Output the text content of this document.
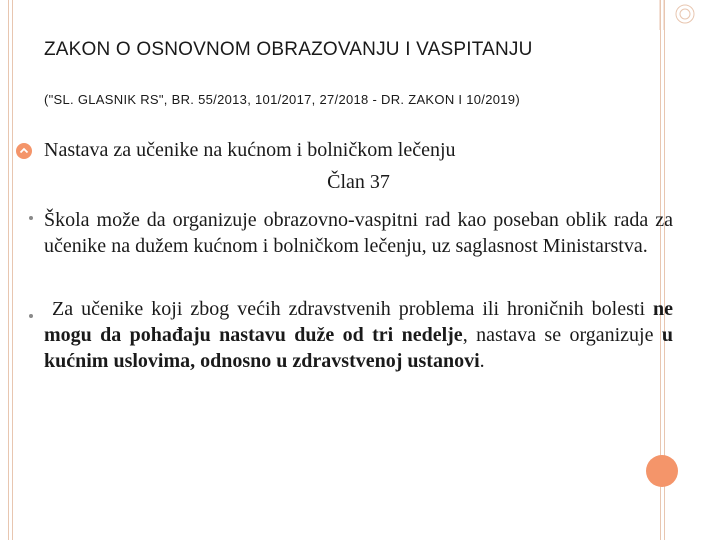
ZAKON O OSNOVNOM OBRAZOVANJU I VASPITANJU
("SL. GLASNIK RS", BR. 55/2013, 101/2017, 27/2018 - DR. ZAKON I 10/2019)
Nastava za učenike na kućnom i bolničkom lečenju
Član 37
Škola može da organizuje obrazovno-vaspitni rad kao poseban oblik rada za učenike na dužem kućnom i bolničkom lečenju, uz saglasnost Ministarstva.
Za učenike koji zbog većih zdravstvenih problema ili hroničnih bolesti ne mogu da pohađaju nastavu duže od tri nedelje, nastava se organizuje u kućnim uslovima, odnosno u zdravstvenoj ustanovi.
